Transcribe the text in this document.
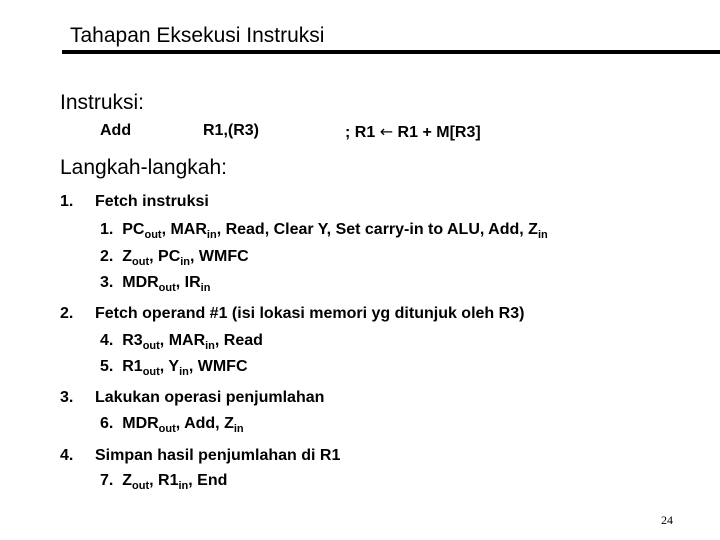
Tahapan Eksekusi Instruksi
Instruksi:
Add	R1,(R3)	; R1 ← R1 + M[R3]
Langkah-langkah:
1. Fetch instruksi
1.  $PC_{out}$, $MAR_{in}$, Read, Clear Y, Set carry-in to ALU, Add, $Z_{in}$
2.  $Z_{out}$, $PC_{in}$, WMFC
3.  $MDR_{out}$, $IR_{in}$
2. Fetch operand #1 (isi lokasi memori yg ditunjuk oleh R3)
4.  $R3_{out}$, $MAR_{in}$, Read
5.  $R1_{out}$, $Y_{in}$, WMFC
3. Lakukan operasi penjumlahan
6.  $MDR_{out}$, Add, $Z_{in}$
4. Simpan hasil penjumlahan di R1
7.  $Z_{out}$, $R1_{in}$, End
24
